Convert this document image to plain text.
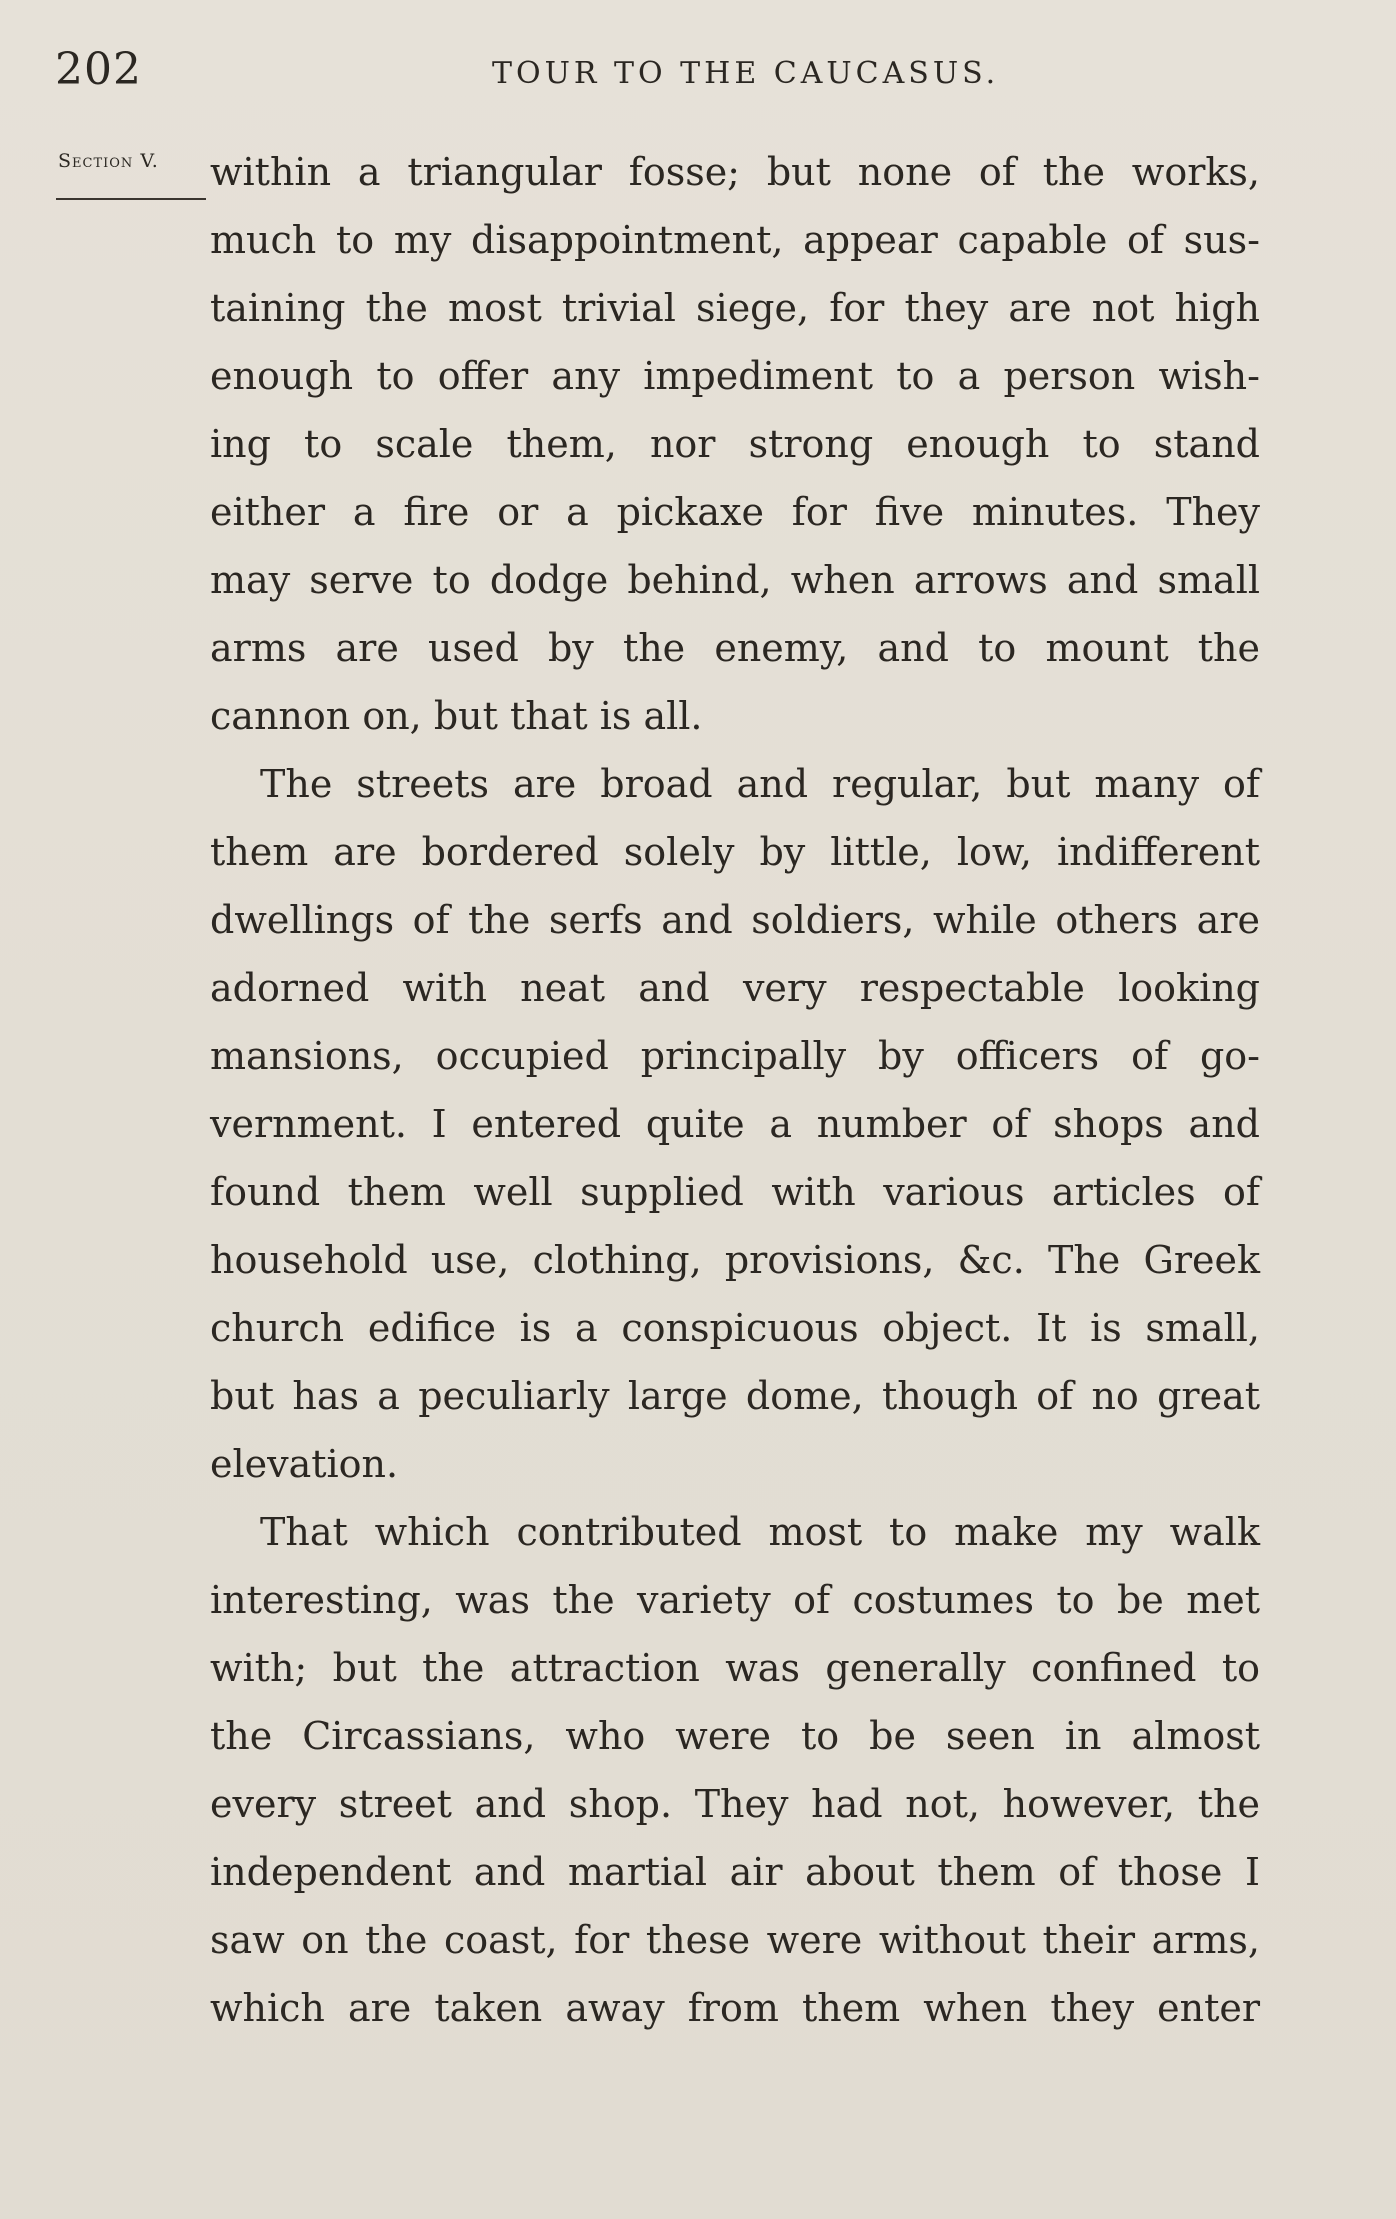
202	TOUR TO THE CAUCASUS.
Section V.	within a triangular fosse; but none of the works,
much to my disappointment, appear capable of sus-
taining the most trivial siege, for they are not high
enough to offer any impediment to a person wish-
ing to scale them, nor strong enough to stand
either a fire or a pickaxe for five minutes. They
may serve to dodge behind, when arrows and small
arms are used by the enemy, and to mount the
cannon on, but that is all.
The streets are broad and regular, but many of
them are bordered solely by little, low, indifferent
dwellings of the serfs and soldiers, while others are
adorned with neat and very respectable looking
mansions, occupied principally by officers of go-
vernment. I entered quite a number of shops and
found them well supplied with various articles of
household use, clothing, provisions, &c. The Greek
church edifice is a conspicuous object. It is small,
but has a peculiarly large dome, though of no great
elevation.
That which contributed most to make my walk
interesting, was the variety of costumes to be met
with; but the attraction was generally confined to
the Circassians, who were to be seen in almost
every street and shop. They had not, however, the
independent and martial air about them of those I
saw on the coast, for these were without their arms,
which are taken away from them when they enter
